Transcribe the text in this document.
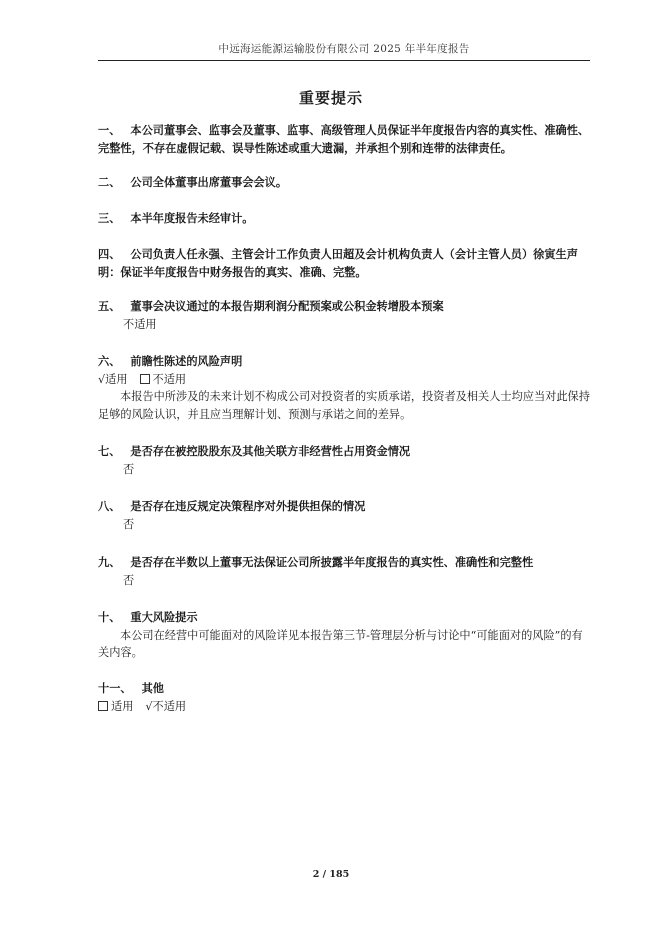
中远海运能源运输股份有限公司 2025 年半年度报告
重要提示
一、 本公司董事会、监事会及董事、监事、高级管理人员保证半年度报告内容的真实性、准确性、完整性，不存在虚假记载、误导性陈述或重大遗漏，并承担个别和连带的法律责任。
二、 公司全体董事出席董事会会议。
三、 本半年度报告未经审计。
四、 公司负责人任永强、主管会计工作负责人田超及会计机构负责人（会计主管人员）徐寅生声明：保证半年度报告中财务报告的真实、准确、完整。
五、 董事会决议通过的本报告期利润分配预案或公积金转增股本预案
不适用
六、 前瞻性陈述的风险声明
√适用 不适用
本报告中所涉及的未来计划不构成公司对投资者的实质承诺，投资者及相关人士均应当对此保持足够的风险认识，并且应当理解计划、预测与承诺之间的差异。
七、 是否存在被控股股东及其他关联方非经营性占用资金情况
否
八、 是否存在违反规定决策程序对外提供担保的情况
否
九、 是否存在半数以上董事无法保证公司所披露半年度报告的真实性、准确性和完整性
否
十、 重大风险提示
本公司在经营中可能面对的风险详见本报告第三节-管理层分析与讨论中“可能面对的风险”的有关内容。
十一、 其他
适用 √不适用
2 / 185
